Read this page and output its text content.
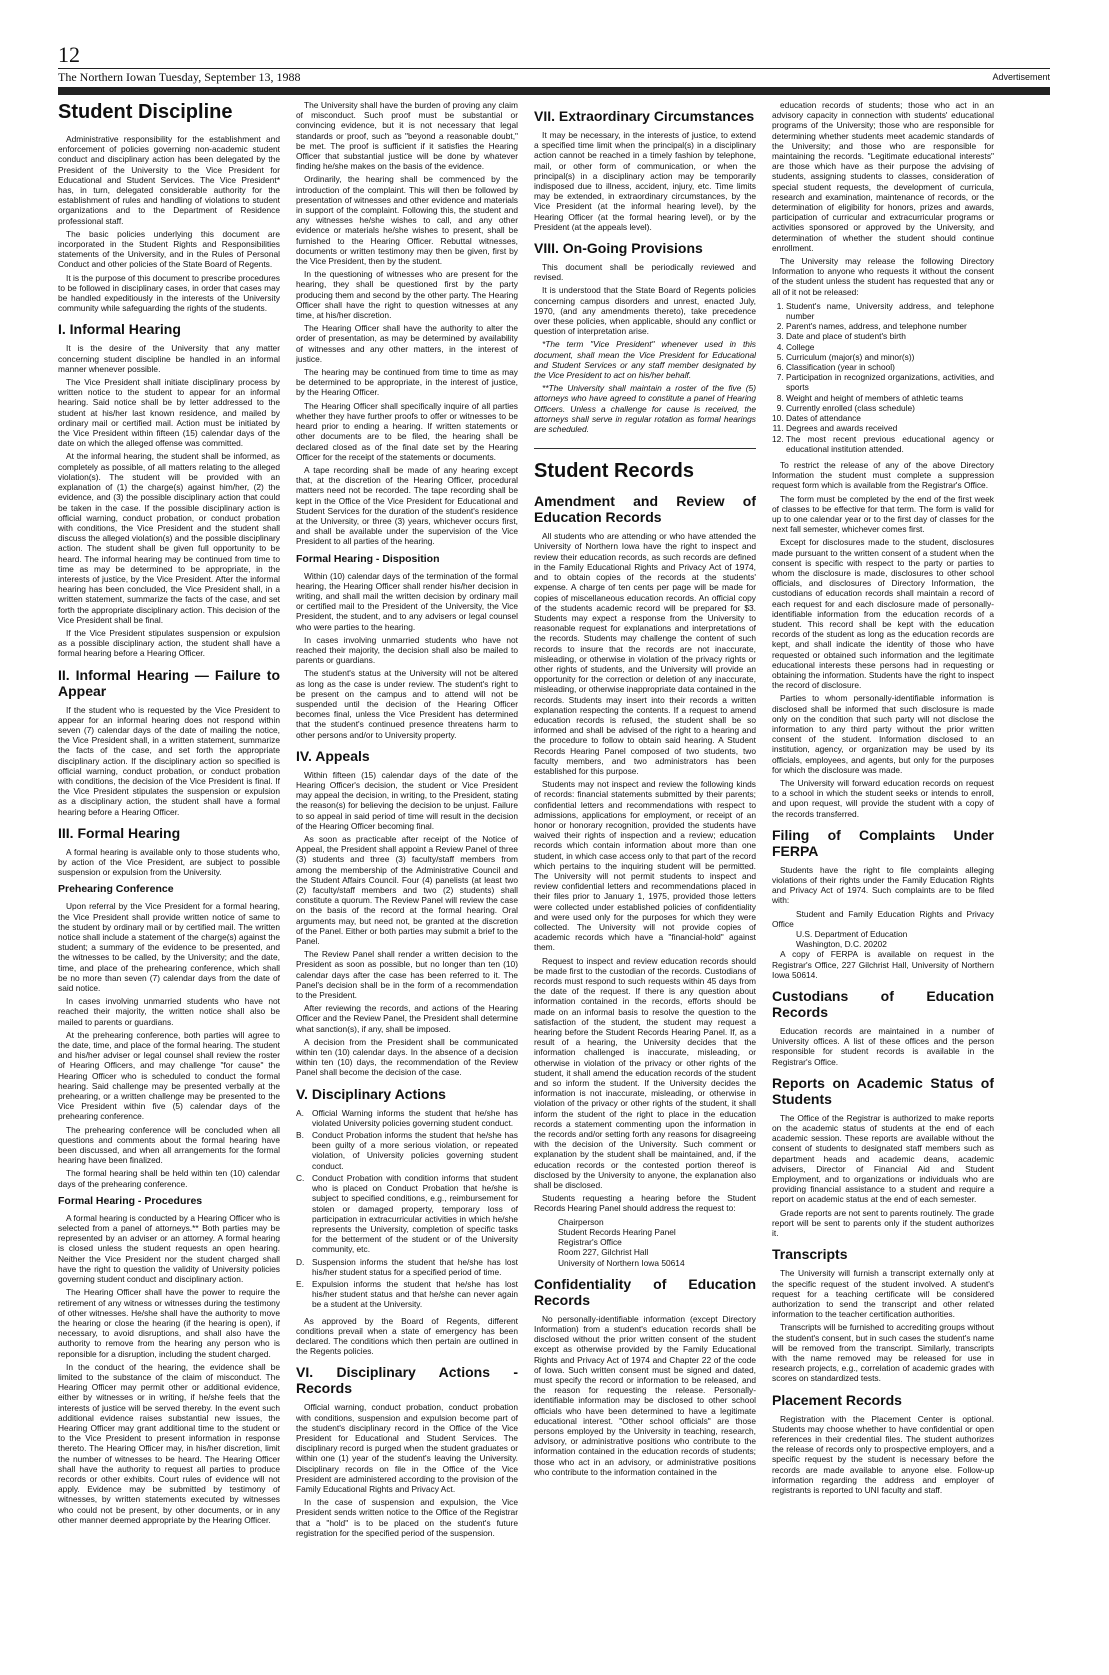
12
The Northern Iowan Tuesday, September 13, 1988	Advertisement
Student Discipline

Administrative responsibility for the establishment and enforcement of policies governing non-academic student conduct and disciplinary action has been delegated by the President of the University to the Vice President for Educational and Student Services. The Vice President* has, in turn, delegated considerable authority for the establishment of rules and handling of violations to student organizations and to the Department of Residence professional staff.

The basic policies underlying this document are incorporated in the Student Rights and Responsibilities statements of the University, and in the Rules of Personal Conduct and other policies of the State Board of Regents.

It is the purpose of this document to prescribe procedures to be followed in disciplinary cases, in order that cases may be handled expeditiously in the interests of the University community while safeguarding the rights of the students.

I. Informal Hearing

It is the desire of the University that any matter concerning student discipline be handled in an informal manner whenever possible.

The Vice President shall initiate disciplinary process by written notice to the student to appear for an informal hearing. Said notice shall be by letter addressed to the student at his/her last known residence, and mailed by ordinary mail or certified mail. Action must be initiated by the Vice President within fifteen (15) calendar days of the date on which the alleged offense was committed.

At the informal hearing, the student shall be informed, as completely as possible, of all matters relating to the alleged violation(s). The student will be provided with an explanation of (1) the charge(s) against him/her, (2) the evidence, and (3) the possible disciplinary action that could be taken in the case. If the possible disciplinary action is official warning, conduct probation, or conduct probation with conditions, the Vice President and the student shall discuss the alleged violation(s) and the possible disciplinary action. The student shall be given full opportunity to be heard. The informal hearing may be continued from time to time as may be determined to be appropriate, in the interests of justice, by the Vice President. After the informal hearing has been concluded, the Vice President shall, in a written statement, summarize the facts of the case, and set forth the appropriate disciplinary action. This decision of the Vice President shall be final.

If the Vice President stipulates suspension or expulsion as a possible disciplinary action, the student shall have a formal hearing before a Hearing Officer.

II. Informal Hearing — Failure to Appear

If the student who is requested by the Vice President to appear for an informal hearing does not respond within seven (7) calendar days of the date of mailing the notice, the Vice President shall, in a written statement, summarize the facts of the case, and set forth the appropriate disciplinary action. If the disciplinary action so specified is official warning, conduct probation, or conduct probation with conditions, the decision of the Vice President is final. If the Vice President stipulates the suspension or expulsion as a disciplinary action, the student shall have a formal hearing before a Hearing Officer.

III. Formal Hearing

A formal hearing is available only to those students who, by action of the Vice President, are subject to possible suspension or expulsion from the University.

Prehearing Conference

Upon referral by the Vice President for a formal hearing, the Vice President shall provide written notice of same to the student by ordinary mail or by certified mail. The written notice shall include a statement of the charge(s) against the student; a summary of the evidence to be presented, and the witnesses to be called, by the University; and the date, time, and place of the prehearing conference, which shall be no more than seven (7) calendar days from the date of said notice.

In cases involving unmarried students who have not reached their majority, the written notice shall also be mailed to parents or guardians.

At the prehearing conference, both parties will agree to the date, time, and place of the formal hearing. The student and his/her adviser or legal counsel shall review the roster of Hearing Officers, and may challenge "for cause" the Hearing Officer who is scheduled to conduct the formal hearing. Said challenge may be presented verbally at the prehearing, or a written challenge may be presented to the Vice President within five (5) calendar days of the prehearing conference.

The prehearing conference will be concluded when all questions and comments about the formal hearing have been discussed, and when all arrangements for the formal hearing have been finalized.

The formal hearing shall be held within ten (10) calendar days of the prehearing conference.

Formal Hearing - Procedures

A formal hearing is conducted by a Hearing Officer who is selected from a panel of attorneys.** Both parties may be represented by an adviser or an attorney. A formal hearing is closed unless the student requests an open hearing. Neither the Vice President nor the student charged shall have the right to question the validity of University policies governing student conduct and disciplinary action.

The Hearing Officer shall have the power to require the retirement of any witness or witnesses during the testimony of other witnesses. He/she shall have the authority to move the hearing or close the hearing (if the hearing is open), if necessary, to avoid disruptions, and shall also have the authority to remove from the hearing any person who is reponsible for a disruption, including the student charged.

In the conduct of the hearing, the evidence shall be limited to the substance of the claim of misconduct. The Hearing Officer may permit other or additional evidence, either by witnesses or in writing, if he/she feels that the interests of justice will be served thereby. In the event such additional evidence raises substantial new issues, the Hearing Officer may grant additional time to the student or to the Vice President to present information in response thereto. The Hearing Officer may, in his/her discretion, limit the number of witnesses to be heard. The Hearing Officer shall have the authority to request all parties to produce records or other exhibits. Court rules of evidence will not apply. Evidence may be submitted by testimony of witnesses, by written statements executed by witnesses who could not be present, by other documents, or in any other manner deemed appropriate by the Hearing Officer.

The University shall have the burden of proving any claim of misconduct. Such proof must be substantial or convincing evidence, but it is not necessary that legal standards or proof, such as "beyond a reasonable doubt," be met. The proof is sufficient if it satisfies the Hearing Officer that substantial justice will be done by whatever finding he/she makes on the basis of the evidence.

Ordinarily, the hearing shall be commenced by the introduction of the complaint. This will then be followed by presentation of witnesses and other evidence and materials in support of the complaint. Following this, the student and any witnesses he/she wishes to call, and any other evidence or materials he/she wishes to present, shall be furnished to the Hearing Officer. Rebuttal witnesses, documents or written testimony may then be given, first by the Vice President, then by the student.

In the questioning of witnesses who are present for the hearing, they shall be questioned first by the party producing them and second by the other party. The Hearing Officer shall have the right to question witnesses at any time, at his/her discretion.

The Hearing Officer shall have the authority to alter the order of presentation, as may be determined by availability of witnesses and any other matters, in the interest of justice.

The hearing may be continued from time to time as may be determined to be appropriate, in the interest of justice, by the Hearing Officer.

The Hearing Officer shall specifically inquire of all parties whether they have further proofs to offer or witnesses to be heard prior to ending a hearing. If written statements or other documents are to be filed, the hearing shall be declared closed as of the final date set by the Hearing Officer for the receipt of the statements or documents.

A tape recording shall be made of any hearing except that, at the discretion of the Hearing Officer, procedural matters need not be recorded. The tape recording shall be kept in the Office of the Vice President for Educational and Student Services for the duration of the student's residence at the University, or three (3) years, whichever occurs first, and shall be available under the supervision of the Vice President to all parties of the hearing.

Formal Hearing - Disposition

Within (10) calendar days of the termination of the formal hearing, the Hearing Officer shall render his/her decision in writing, and shall mail the written decision by ordinary mail or certified mail to the President of the University, the Vice President, the student, and to any advisers or legal counsel who were parties to the hearing.

In cases involving unmarried students who have not reached their majority, the decision shall also be mailed to parents or guardians.

The student's status at the University will not be altered as long as the case is under review. The student's right to be present on the campus and to attend will not be suspended until the decision of the Hearing Officer becomes final, unless the Vice President has determined that the student's continued presence threatens harm to other persons and/or to University property.

IV. Appeals

Within fifteen (15) calendar days of the date of the Hearing Officer's decision, the student or Vice President may appeal the decision, in writing, to the President, stating the reason(s) for believing the decision to be unjust. Failure to so appeal in said period of time will result in the decision of the Hearing Officer becoming final.

As soon as practicable after receipt of the Notice of Appeal, the President shall appoint a Review Panel of three (3) students and three (3) faculty/staff members from among the membership of the Administrative Council and the Student Affairs Council. Four (4) panelists (at least two (2) faculty/staff members and two (2) students) shall constitute a quorum. The Review Panel will review the case on the basis of the record at the formal hearing. Oral arguments may, but need not, be granted at the discretion of the Panel. Either or both parties may submit a brief to the Panel.

The Review Panel shall render a written decision to the President as soon as possible, but no longer than ten (10) calendar days after the case has been referred to it. The Panel's decision shall be in the form of a recommendation to the President.

After reviewing the records, and actions of the Hearing Officer and the Review Panel, the President shall determine what sanction(s), if any, shall be imposed.

A decision from the President shall be communicated within ten (10) calendar days. In the absence of a decision within ten (10) days, the recommendation of the Review Panel shall become the decision of the case.

V. Disciplinary Actions
A. Official Warning informs the student that he/she has violated University policies governing student conduct.
B. Conduct Probation informs the student that he/she has been guilty of a more serious violation, or repeated violation, of University policies governing student conduct.
C. Conduct Probation with condition informs that student who is placed on Conduct Probation that he/she is subject to specified conditions, e.g., reimbursement for stolen or damaged property, temporary loss of participation in extracurricular activities in which he/she represents the University, completion of specific tasks for the betterment of the student or of the University community, etc.
D. Suspension informs the student that he/she has lost his/her student status for a specified period of time.
E. Expulsion informs the student that he/she has lost his/her student status and that he/she can never again be a student at the University.

As approved by the Board of Regents, different conditions prevail when a state of emergency has been declared. The conditions which then pertain are outlined in the Regents policies.

VI. Disciplinary Actions - Records

Official warning, conduct probation, conduct probation with conditions, suspension and expulsion become part of the student's disciplinary record in the Office of the Vice President for Educational and Student Services. The disciplinary record is purged when the student graduates or within one (1) year of the student's leaving the University. Disciplinary records on file in the Office of the Vice President are administered according to the provision of the Family Educational Rights and Privacy Act.

In the case of suspension and expulsion, the Vice President sends written notice to the Office of the Registrar that a "hold" is to be placed on the student's future registration for the specified period of the suspension.

VII. Extraordinary Circumstances

It may be necessary, in the interests of justice, to extend a specified time limit when the principal(s) in a disciplinary action cannot be reached in a timely fashion by telephone, mail, or other form of communication, or when the principal(s) in a disciplinary action may be temporarily indisposed due to illness, accident, injury, etc. Time limits may be extended, in extraordinary circumstances, by the Vice President (at the informal hearing level), by the Hearing Officer (at the formal hearing level), or by the President (at the appeals level).

VIII. On-Going Provisions

This document shall be periodically reviewed and revised.

It is understood that the State Board of Regents policies concerning campus disorders and unrest, enacted July, 1970, (and any amendments thereto), take precedence over these policies, when applicable, should any conflict or question of interpretation arise.

*The term "Vice President" whenever used in this document, shall mean the Vice President for Educational and Student Services or any staff member designated by the Vice President to act on his/her behalf.

**The University shall maintain a roster of the five (5) attorneys who have agreed to constitute a panel of Hearing Officers. Unless a challenge for cause is received, the attorneys shall serve in regular rotation as formal hearings are scheduled.

Student Records
Amendment and Review of Education Records

All students who are attending or who have attended the University of Northern Iowa have the right to inspect and review their education records, as such records are defined in the Family Educational Rights and Privacy Act of 1974, and to obtain copies of the records at the students' expense. A charge of ten cents per page will be made for copies of miscellaneous education records. An official copy of the students academic record will be prepared for $3. Students may expect a response from the University to reasonable request for explanations and interpretations of the records. Students may challenge the content of such records to insure that the records are not inaccurate, misleading, or otherwise in violation of the privacy rights or other rights of students, and the University will provide an opportunity for the correction or deletion of any inaccurate, misleading, or otherwise inappropriate data contained in the records. Students may insert into their records a written explanation respecting the contents. If a request to amend education records is refused, the student shall be so informed and shall be advised of the right to a hearing and the procedure to follow to obtain said hearing. A Student Records Hearing Panel composed of two students, two faculty members, and two administrators has been established for this purpose.

Students may not inspect and review the following kinds of records: financial statements submitted by their parents; confidential letters and recommendations with respect to admissions, applications for employment, or receipt of an honor or honorary recognition, provided the students have waived their rights of inspection and a review; education records which contain information about more than one student, in which case access only to that part of the record which pertains to the inquiring student will be permitted. The University will not permit students to inspect and review confidential letters and recommendations placed in their files prior to January 1, 1975, provided those letters were collected under established policies of confidentiality and were used only for the purposes for which they were collected. The University will not provide copies of academic records which have a "financial-hold" against them.

Request to inspect and review education records should be made first to the custodian of the records. Custodians of records must respond to such requests within 45 days from the date of the request. If there is any question about information contained in the records, efforts should be made on an informal basis to resolve the question to the satisfaction of the student, the student may request a hearing before the Student Records Hearing Panel. If, as a result of a hearing, the University decides that the information challenged is inaccurate, misleading, or otherwise in violation of the privacy or other rights of the student, it shall amend the education records of the student and so inform the student. If the University decides the information is not inaccurate, misleading, or otherwise in violation of the privacy or other rights of the student, it shall inform the student of the right to place in the education records a statement commenting upon the information in the records and/or setting forth any reasons for disagreeing with the decision of the University. Such comment or explanation by the student shall be maintained, and, if the education records or the contested portion thereof is disclosed by the University to anyone, the explanation also shall be disclosed.

Students requesting a hearing before the Student Records Hearing Panel should address the request to:

Chairperson
Student Records Hearing Panel
Registrar's Office
Room 227, Gilchrist Hall
University of Northern Iowa 50614
Confidentiality of Education Records

No personally-identifiable information (except Directory Information) from a student's education records shall be disclosed without the prior written consent of the student except as otherwise provided by the Family Educational Rights and Privacy Act of 1974 and Chapter 22 of the code of Iowa. Such written consent must be signed and dated, must specify the record or information to be released, and the reason for requesting the release. Personally-identifiable information may be disclosed to other school officials who have been determined to have a legitimate educational interest. "Other school officials" are those persons employed by the University in teaching, research, advisory, or administrative positions who contribute to the information contained in the education records of students; those who act in an advisory, or administrative positions who contribute to the information contained in the

education records of students; those who act in an advisory capacity in connection with students' educational programs of the University; those who are responsible for determining whether students meet academic standards of the University; and those who are responsible for maintaining the records. "Legitimate educational interests" are those which have as their purpose the advising of students, assigning students to classes, consideration of special student requests, the development of curricula, research and examination, maintenance of records, or the determination of eligibility for honors, prizes and awards, participation of curricular and extracurricular programs or activities sponsored or approved by the University, and determination of whether the student should continue enrollment.

The University may release the following Directory Information to anyone who requests it without the consent of the student unless the student has requested that any or all of it not be released:

1. Student's name, University address, and telephone number
2. Parent's names, address, and telephone number
3. Date and place of student's birth
4. College
5. Curriculum (major(s) and minor(s))
6. Classification (year in school)
7. Participation in recognized organizations, activities, and sports
8. Weight and height of members of athletic teams
9. Currently enrolled (class schedule)
10. Dates of attendance
11. Degrees and awards received
12. The most recent previous educational agency or educational institution attended.

To restrict the release of any of the above Directory Information the student must complete a suppression request form which is available from the Registrar's Office.

The form must be completed by the end of the first week of classes to be effective for that term. The form is valid for up to one calendar year or to the first day of classes for the next fall semester, whichever comes first.

Except for disclosures made to the student, disclosures made pursuant to the written consent of a student when the consent is specific with respect to the party or parties to whom the disclosure is made, disclosures to other school officials, and disclosures of Directory Information, the custodians of education records shall maintain a record of each request for and each disclosure made of personally-identifiable information from the education records of a student. This record shall be kept with the education records of the student as long as the education records are kept, and shall indicate the identity of those who have requested or obtained such information and the legitimate educational interests these persons had in requesting or obtaining the information. Students have the right to inspect the record of disclosure.

Parties to whom personally-identifiable information is disclosed shall be informed that such disclosure is made only on the condition that such party will not disclose the information to any third party without the prior written consent of the student. Information disclosed to an institution, agency, or organization may be used by its officials, employees, and agents, but only for the purposes for which the disclosure was made.

The University will forward education records on request to a school in which the student seeks or intends to enroll, and upon request, will provide the student with a copy of the records transferred.

Filing of Complaints Under FERPA

Students have the right to file complaints alleging violations of their rights under the Family Education Rights and Privacy Act of 1974. Such complaints are to be filed with:

Student and Family Education Rights and Privacy Office
U.S. Department of Education
Washington, D.C. 20202

A copy of FERPA is available on request in the Registrar's Office, 227 Gilchrist Hall, University of Northern Iowa 50614.

Custodians of Education Records

Education records are maintained in a number of University offices. A list of these offices and the person responsible for student records is available in the Registrar's Office.

Reports on Academic Status of Students

The Office of the Registrar is authorized to make reports on the academic status of students at the end of each academic session. These reports are available without the consent of students to designated staff members such as department heads and academic deans, academic advisers, Director of Financial Aid and Student Employment, and to organizations or individuals who are providing financial assistance to a student and require a report on academic status at the end of each semester.

Grade reports are not sent to parents routinely. The grade report will be sent to parents only if the student authorizes it.

Transcripts

The University will furnish a transcript externally only at the specific request of the student involved. A student's request for a teaching certificate will be considered authorization to send the transcript and other related information to the teacher certification authorities.

Transcripts will be furnished to accrediting groups without the student's consent, but in such cases the student's name will be removed from the transcript. Similarly, transcripts with the name removed may be released for use in research projects, e.g., correlation of academic grades with scores on standardized tests.

Placement Records

Registration with the Placement Center is optional. Students may choose whether to have confidential or open references in their credential files. The student authorizes the release of records only to prospective employers, and a specific request by the student is necessary before the records are made available to anyone else. Follow-up information regarding the address and employer of registrants is reported to UNI faculty and staff.
